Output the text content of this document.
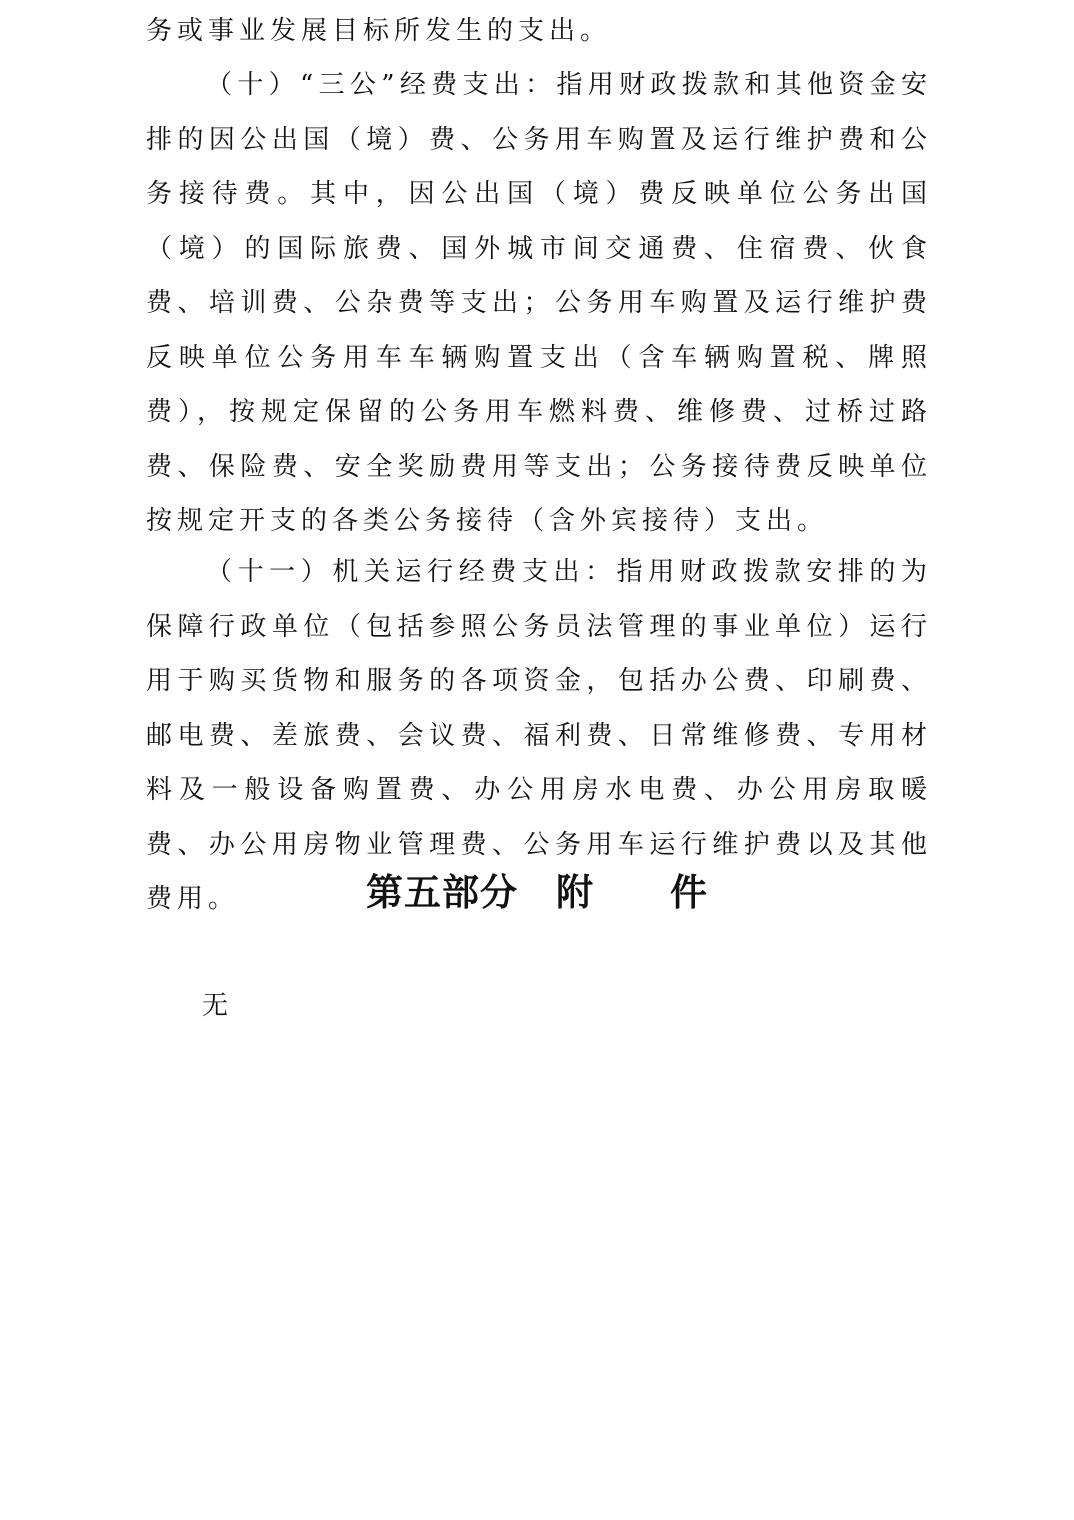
务或事业发展目标所发生的支出。

（十）“三公”经费支出：指用财政拨款和其他资金安排的因公出国（境）费、公务用车购置及运行维护费和公务接待费。其中，因公出国（境）费反映单位公务出国（境）的国际旅费、国外城市间交通费、住宿费、伙食费、培训费、公杂费等支出；公务用车购置及运行维护费反映单位公务用车车辆购置支出（含车辆购置税、牌照费），按规定保留的公务用车燃料费、维修费、过桥过路费、保险费、安全奖励费用等支出；公务接待费反映单位按规定开支的各类公务接待（含外宾接待）支出。

（十一）机关运行经费支出：指用财政拨款安排的为保障行政单位（包括参照公务员法管理的事业单位）运行用于购买货物和服务的各项资金，包括办公费、印刷费、邮电费、差旅费、会议费、福利费、日常维修费、专用材料及一般设备购置费、办公用房水电费、办公用房取暖费、办公用房物业管理费、公务用车运行维护费以及其他费用。	第五部分　附　　件
无
